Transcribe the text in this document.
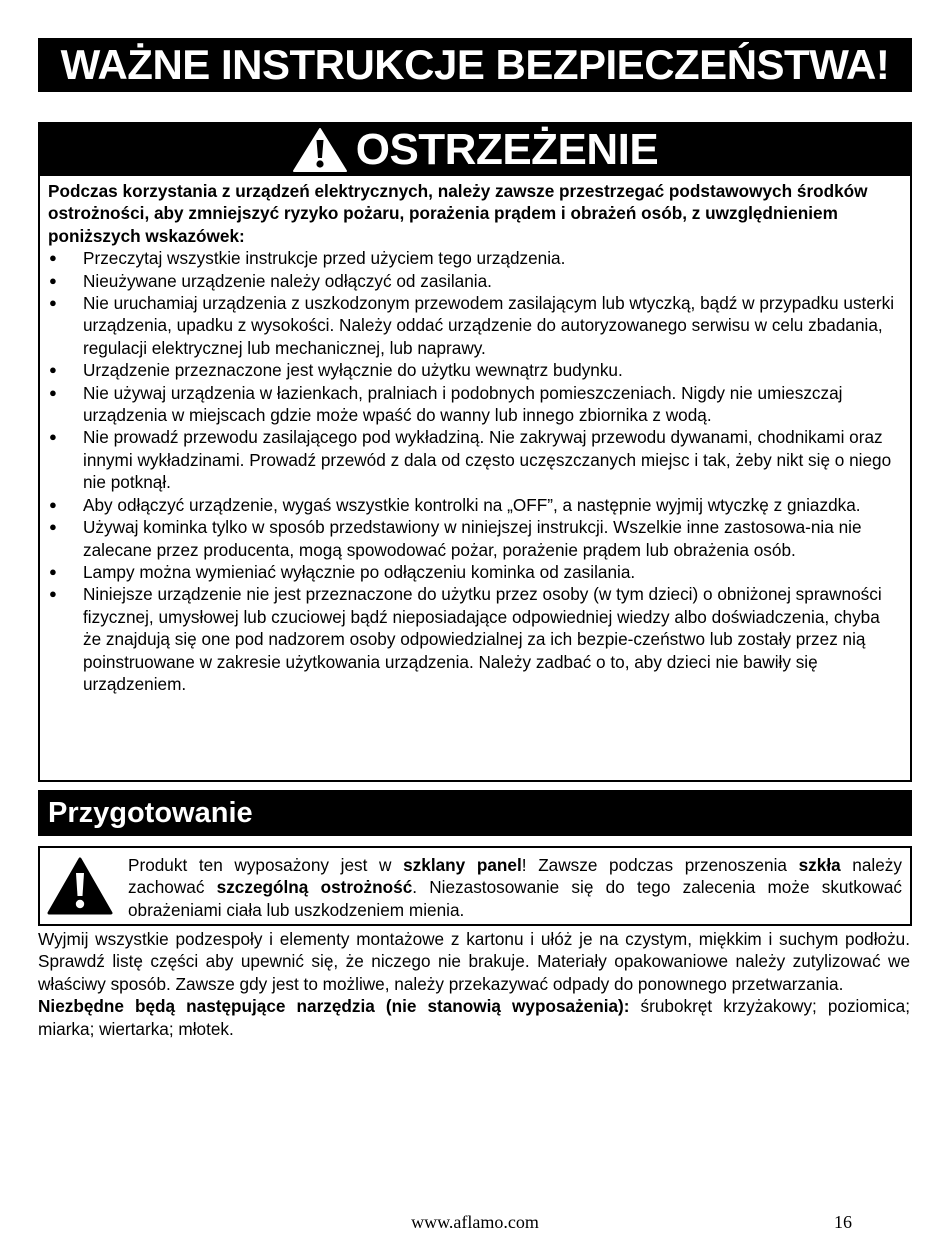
WAŻNE INSTRUKCJE BEZPIECZEŃSTWA!
OSTRZEŻENIE

Podczas korzystania z urządzeń elektrycznych, należy zawsze przestrzegać podstawowych środków ostrożności, aby zmniejszyć ryzyko pożaru, porażenia prądem i obrażeń osób, z uwzględnieniem poniższych wskazówek:

● Przeczytaj wszystkie instrukcje przed użyciem tego urządzenia.
● Nieużywane urządzenie należy odłączyć od zasilania.
● Nie uruchamiaj urządzenia z uszkodzonym przewodem zasilającym lub wtyczką, bądź w przypadku usterki urządzenia, upadku z wysokości. Należy oddać urządzenie do autoryzowanego serwisu w celu zbadania, regulacji elektrycznej lub mechanicznej, lub naprawy.
● Urządzenie przeznaczone jest wyłącznie do użytku wewnątrz budynku.
● Nie używaj urządzenia w łazienkach, pralniach i podobnych pomieszczeniach. Nigdy nie umieszczaj urządzenia w miejscach gdzie może wpaść do wanny lub innego zbiornika z wodą.
● Nie prowadź przewodu zasilającego pod wykładziną. Nie zakrywaj przewodu dywanami, chodnikami oraz innymi wykładzinami. Prowadź przewód z dala od często uczęszczanych miejsc i tak, żeby nikt się o niego nie potknął.
● Aby odłączyć urządzenie, wygaś wszystkie kontrolki na „OFF”, a następnie wyjmij wtyczkę z gniazdka.
● Używaj kominka tylko w sposób przedstawiony w niniejszej instrukcji. Wszelkie inne zastosowa-nia nie zalecane przez producenta, mogą spowodować pożar, porażenie prądem lub obrażenia osób.
● Lampy można wymieniać wyłącznie po odłączeniu kominka od zasilania.
● Niniejsze urządzenie nie jest przeznaczone do użytku przez osoby (w tym dzieci) o obniżonej sprawności fizycznej, umysłowej lub czuciowej bądź nieposiadające odpowiedniej wiedzy albo doświadczenia, chyba że znajdują się one pod nadzorem osoby odpowiedzialnej za ich bezpie-czeństwo lub zostały przez nią poinstruowane w zakresie użytkowania urządzenia. Należy zadbać o to, aby dzieci nie bawiły się urządzeniem.
Przygotowanie

Produkt ten wyposażony jest w szklany panel! Zawsze podczas przenoszenia szkła należy zachować szczególną ostrożność. Niezastosowanie się do tego zalecenia może skutkować obrażeniami ciała lub uszkodzeniem mienia.

Wyjmij wszystkie podzespoły i elementy montażowe z kartonu i ułóż je na czystym, miękkim i suchym podłożu. Sprawdź listę części aby upewnić się, że niczego nie brakuje. Materiały opakowaniowe należy zutylizować we właściwy sposób. Zawsze gdy jest to możliwe, należy przekazywać odpady do ponownego przetwarzania.

Niezbędne będą następujące narzędzia (nie stanowią wyposażenia): śrubokręt krzyżakowy; poziomica; miarka; wiertarka; młotek.

www.aflamo.com	16
